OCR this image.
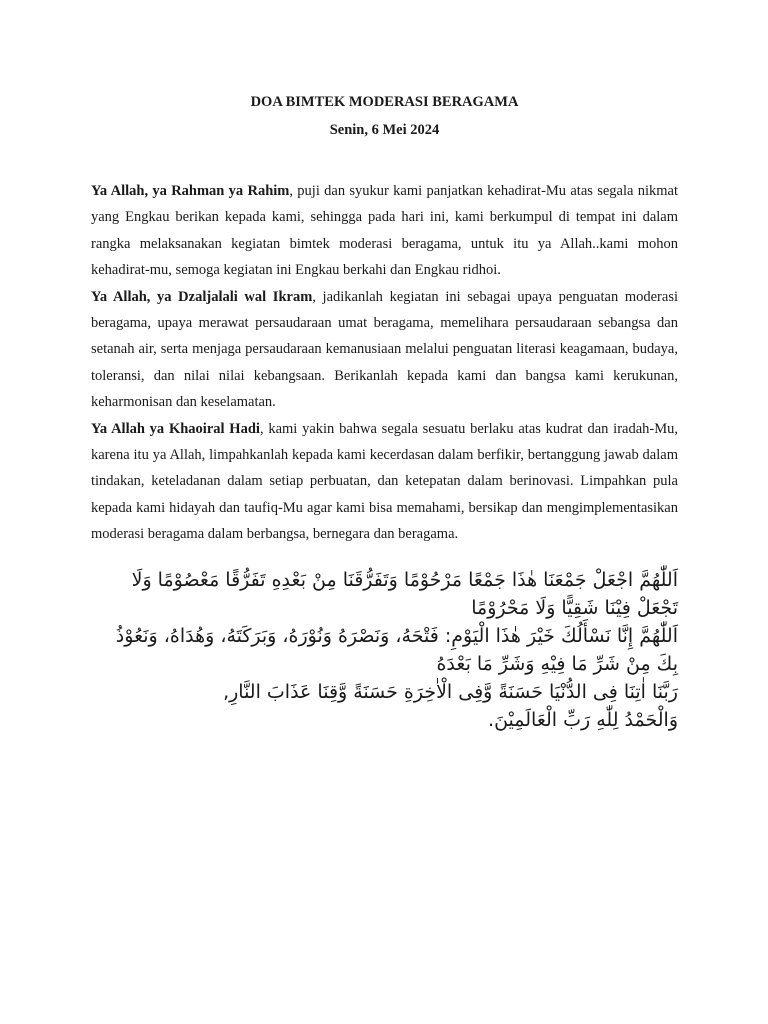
DOA BIMTEK MODERASI BERAGAMA

Senin, 6 Mei 2024

Ya Allah, ya Rahman ya Rahim, puji dan syukur kami panjatkan kehadirat-Mu atas segala nikmat yang Engkau berikan kepada kami, sehingga pada hari ini, kami berkumpul di tempat ini dalam rangka melaksanakan kegiatan bimtek moderasi beragama, untuk itu ya Allah..kami mohon kehadirat-mu, semoga kegiatan ini Engkau berkahi dan Engkau ridhoi.

Ya Allah, ya Dzaljalali wal Ikram, jadikanlah kegiatan ini sebagai upaya penguatan moderasi beragama, upaya merawat persaudaraan umat beragama, memelihara persaudaraan sebangsa dan setanah air, serta menjaga persaudaraan kemanusiaan melalui penguatan literasi keagamaan, budaya, toleransi, dan nilai nilai kebangsaan. Berikanlah kepada kami dan bangsa kami kerukunan, keharmonisan dan keselamatan.

Ya Allah ya Khaoiral Hadi, kami yakin bahwa segala sesuatu berlaku atas kudrat dan iradah-Mu, karena itu ya Allah, limpahkanlah kepada kami kecerdasan dalam berfikir, bertanggung jawab dalam tindakan, keteladanan dalam setiap perbuatan, dan ketepatan dalam berinovasi. Limpahkan pula kepada kami hidayah dan taufiq-Mu agar kami bisa memahami, bersikap dan mengimplementasikan moderasi beragama dalam berbangsa, bernegara dan beragama.

اَللّٰهُمَّ اجْعَلْ جَمْعَنَا هٰذَا جَمْعًا مَرْحُوْمًا وَتَفَرُّقَنَا مِنْ بَعْدِهِ تَفَرُّقًا مَعْصُوْمًا وَلَا تَجْعَلْ فِيْنَا شَقِيًّا وَلَا مَحْرُوْمًا
اَللّٰهُمَّ إِنَّا نَسْأَلُكَ خَيْرَ هٰذَا الْيَوْمِ: فَتْحَهُ، وَنَصْرَهُ وَنُوْرَهُ، وَبَرَكَتَهُ، وَهُدَاهُ، وَنَعُوْذُ بِكَ مِنْ شَرِّ مَا فِيْهِ وَشَرِّ مَا بَعْدَهُ
رَبَّنَا اٰتِنَا فِى الدُّنْيَا حَسَنَةً وَّفِى الْاٰخِرَةِ حَسَنَةً وَّقِنَا عَذَابَ النَّارِ,
وَالْحَمْدُ لِلّٰهِ رَبِّ الْعَالَمِيْنَ.
